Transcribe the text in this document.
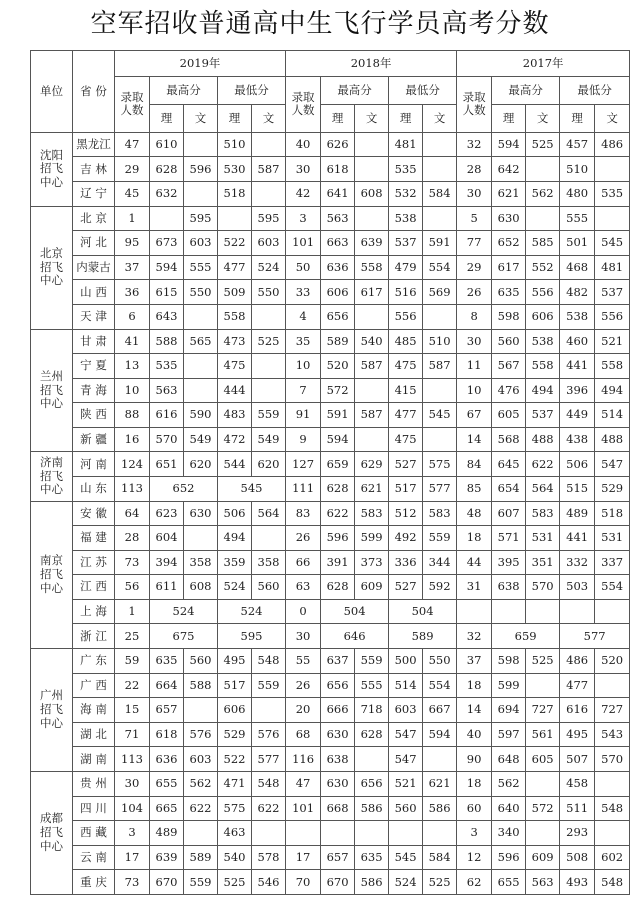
空军招收普通高中生飞行学员高考分数
单位	省 份	2019年					2018年					2017年				
		录取人数	最高分		最低分		录取人数	最高分		最低分		录取人数	最高分		最低分	
			理	文	理	文		理	文	理	文		理	文	理	文
沈阳招飞中心	黑龙江	47	610		510		40	626		481		32	594	525	457	486
	吉 林	29	628	596	530	587	30	618		535		28	642		510	
	辽 宁	45	632		518		42	641	608	532	584	30	621	562	480	535
北京招飞中心	北 京	1		595		595	3	563		538		5	630		555	
	河 北	95	673	603	522	603	101	663	639	537	591	77	652	585	501	545
	内蒙古	37	594	555	477	524	50	636	558	479	554	29	617	552	468	481
	山 西	36	615	550	509	550	33	606	617	516	569	26	635	556	482	537
	天 津	6	643		558		4	656		556		8	598	606	538	556
兰州招飞中心	甘 肃	41	588	565	473	525	35	589	540	485	510	30	560	538	460	521
	宁 夏	13	535		475		10	520	587	475	587	11	567	558	441	558
	青 海	10	563		444		7	572		415		10	476	494	396	494
	陕 西	88	616	590	483	559	91	591	587	477	545	67	605	537	449	514
	新 疆	16	570	549	472	549	9	594		475		14	568	488	438	488
济南招飞中心	河 南	124	651	620	544	620	127	659	629	527	575	84	645	622	506	547
	山 东	113	652		545		111	628	621	517	577	85	654	564	515	529
南京招飞中心	安 徽	64	623	630	506	564	83	622	583	512	583	48	607	583	489	518
	福 建	28	604		494		26	596	599	492	559	18	571	531	441	531
	江 苏	73	394	358	359	358	66	391	373	336	344	44	395	351	332	337
	江 西	56	611	608	524	560	63	628	609	527	592	31	638	570	503	554
	上 海	1	524		524		0	504		504						
	浙 江	25	675		595		30	646		589		32	659		577	
广州招飞中心	广 东	59	635	560	495	548	55	637	559	500	550	37	598	525	486	520
	广 西	22	664	588	517	559	26	656	555	514	554	18	599		477	
	海 南	15	657		606		20	666	718	603	667	14	694	727	616	727
	湖 北	71	618	576	529	576	68	630	628	547	594	40	597	561	495	543
	湖 南	113	636	603	522	577	116	638		547		90	648	605	507	570
成都招飞中心	贵 州	30	655	562	471	548	47	630	656	521	621	18	562		458	
	四 川	104	665	622	575	622	101	668	586	560	586	60	640	572	511	548
	西 藏	3	489		463							3	340		293	
	云 南	17	639	589	540	578	17	657	635	545	584	12	596	609	508	602
	重 庆	73	670	559	525	546	70	670	586	524	525	62	655	563	493	548
